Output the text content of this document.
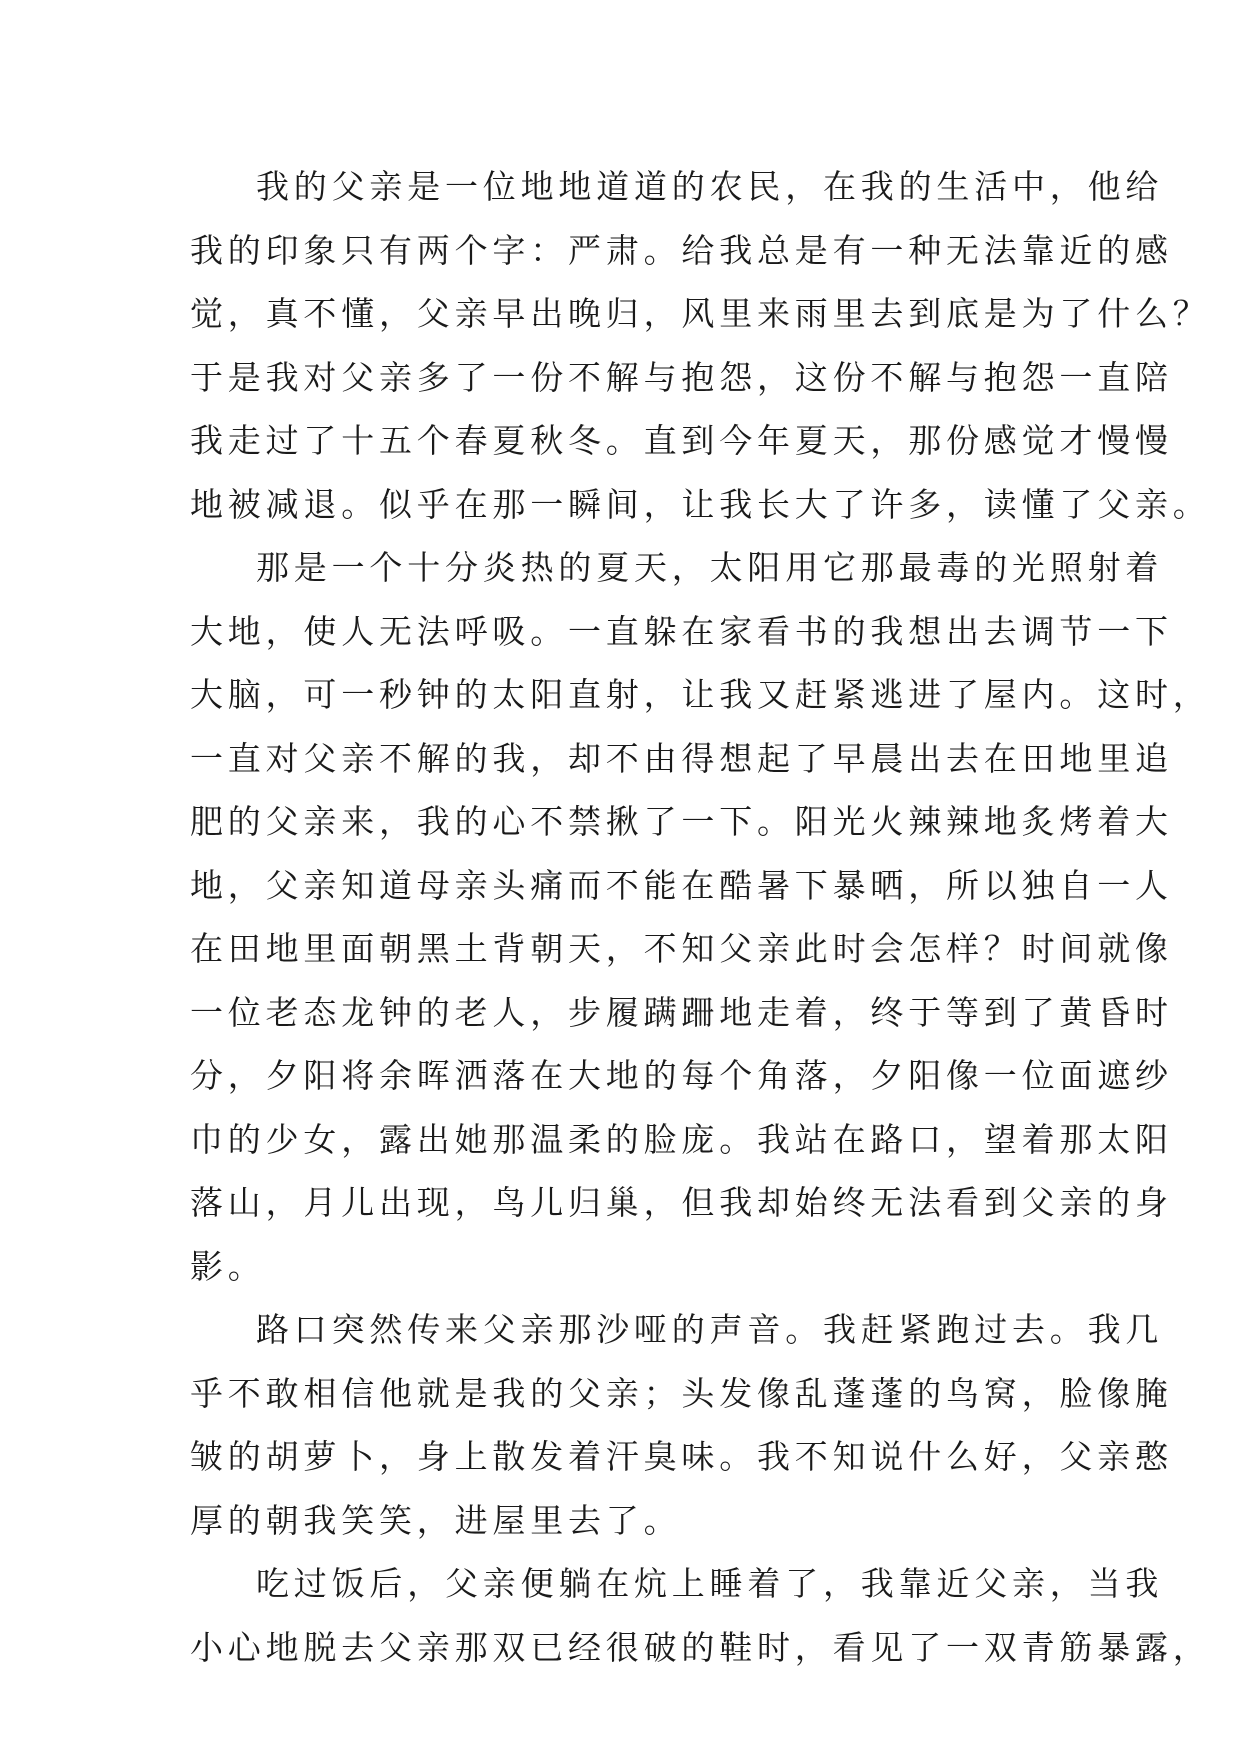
我的父亲是一位地地道道的农民，在我的生活中，他给
我的印象只有两个字：严肃。给我总是有一种无法靠近的感
觉，真不懂，父亲早出晚归，风里来雨里去到底是为了什么？
于是我对父亲多了一份不解与抱怨，这份不解与抱怨一直陪
我走过了十五个春夏秋冬。直到今年夏天，那份感觉才慢慢
地被减退。似乎在那一瞬间，让我长大了许多，读懂了父亲。
那是一个十分炎热的夏天，太阳用它那最毒的光照射着
大地，使人无法呼吸。一直躲在家看书的我想出去调节一下
大脑，可一秒钟的太阳直射，让我又赶紧逃进了屋内。这时，
一直对父亲不解的我，却不由得想起了早晨出去在田地里追
肥的父亲来，我的心不禁揪了一下。阳光火辣辣地炙烤着大
地，父亲知道母亲头痛而不能在酷暑下暴晒，所以独自一人
在田地里面朝黑土背朝天，不知父亲此时会怎样？时间就像
一位老态龙钟的老人，步履蹒跚地走着，终于等到了黄昏时
分，夕阳将余晖洒落在大地的每个角落，夕阳像一位面遮纱
巾的少女，露出她那温柔的脸庞。我站在路口，望着那太阳
落山，月儿出现，鸟儿归巢，但我却始终无法看到父亲的身
影。
路口突然传来父亲那沙哑的声音。我赶紧跑过去。我几
乎不敢相信他就是我的父亲；头发像乱蓬蓬的鸟窝，脸像腌
皱的胡萝卜，身上散发着汗臭味。我不知说什么好，父亲憨
厚的朝我笑笑，进屋里去了。
吃过饭后，父亲便躺在炕上睡着了，我靠近父亲，当我
小心地脱去父亲那双已经很破的鞋时，看见了一双青筋暴露，
